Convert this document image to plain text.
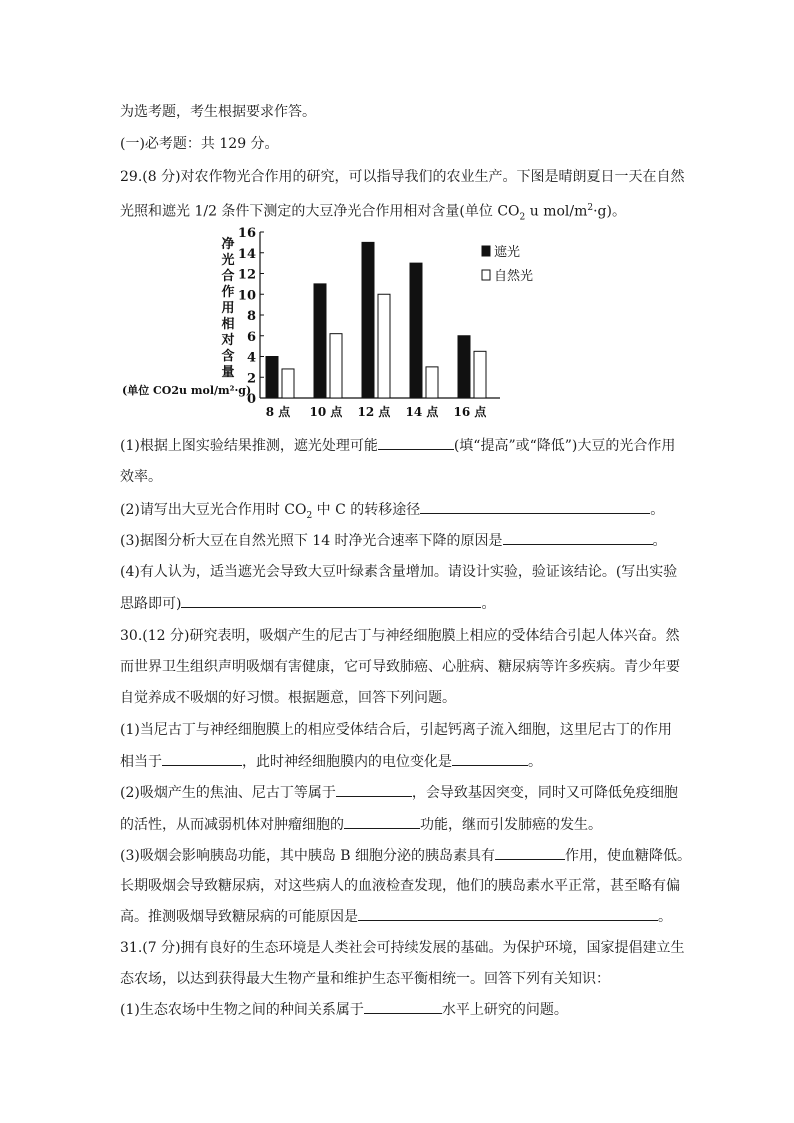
为选考题，考生根据要求作答。
(一)必考题：共 129 分。
29.(8 分)对农作物光合作用的研究，可以指导我们的农业生产。下图是晴朗夏日一天在自然
光照和遮光 1/2 条件下测定的大豆净光合作用相对含量(单位 $CO_2$ u mol/$m^2\cdot g$)。
0
2
4
6
8
10
12
14
16
净
光
合
作
用
相
对
含
量
(单位 CO2u mol/m²·g)
8 点 10 点 12 点 14 点 16 点
遮光
自然光
(1)根据上图实验结果推测，遮光处理可能	(填“提高”或“降低”)大豆的光合作用
效率。
(2)请写出大豆光合作用时 $CO_2$ 中 C 的转移途径	。
(3)据图分析大豆在自然光照下 14 时净光合速率下降的原因是	。
(4)有人认为，适当遮光会导致大豆叶绿素含量增加。请设计实验，验证该结论。(写出实验
思路即可)	。
30.(12 分)研究表明，吸烟产生的尼古丁与神经细胞膜上相应的受体结合引起人体兴奋。然
而世界卫生组织声明吸烟有害健康，它可导致肺癌、心脏病、糖尿病等许多疾病。青少年要
自觉养成不吸烟的好习惯。根据题意，回答下列问题。
(1)当尼古丁与神经细胞膜上的相应受体结合后，引起钙离子流入细胞，这里尼古丁的作用
相当于	，此时神经细胞膜内的电位变化是	。
(2)吸烟产生的焦油、尼古丁等属于	，会导致基因突变，同时又可降低免疫细胞
的活性，从而减弱机体对肿瘤细胞的	功能，继而引发肺癌的发生。
(3)吸烟会影响胰岛功能，其中胰岛 B 细胞分泌的胰岛素具有	作用，使血糖降低。
长期吸烟会导致糖尿病，对这些病人的血液检查发现，他们的胰岛素水平正常，甚至略有偏
高。推测吸烟导致糖尿病的可能原因是	。
31.(7 分)拥有良好的生态环境是人类社会可持续发展的基础。为保护环境，国家提倡建立生
态农场，以达到获得最大生物产量和维护生态平衡相统一。回答下列有关知识：
(1)生态农场中生物之间的种间关系属于	水平上研究的问题。
